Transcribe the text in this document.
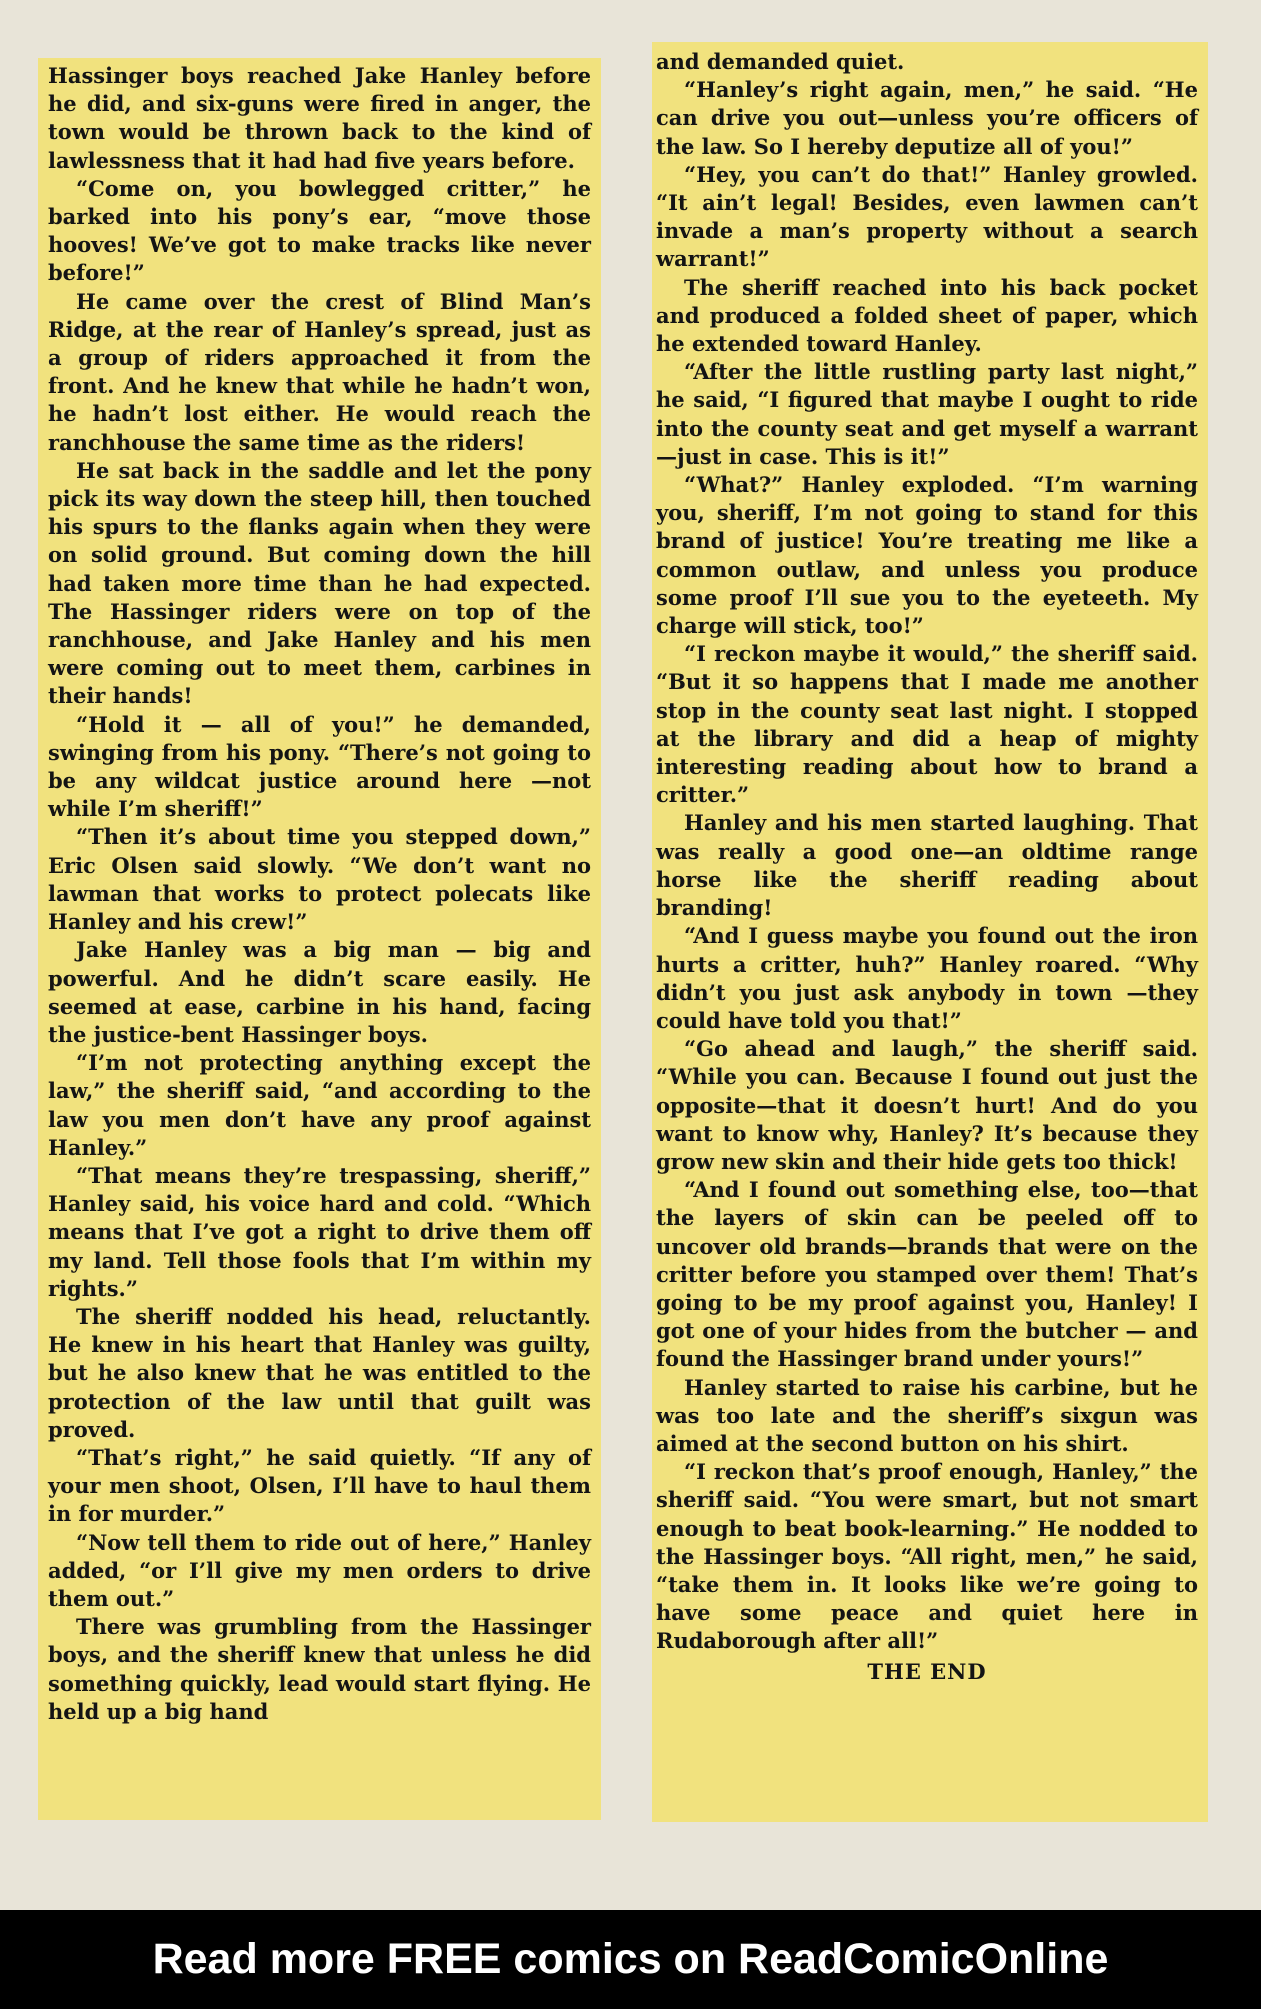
Hassinger boys reached Jake Hanley before he did, and six-guns were fired in anger, the town would be thrown back to the kind of lawlessness that it had had five years before.

“Come on, you bowlegged critter,” he barked into his pony’s ear, “move those hooves! We’ve got to make tracks like never before!”

He came over the crest of Blind Man’s Ridge, at the rear of Hanley’s spread, just as a group of riders approached it from the front. And he knew that while he hadn’t won, he hadn’t lost either. He would reach the ranchhouse the same time as the riders!

He sat back in the saddle and let the pony pick its way down the steep hill, then touched his spurs to the flanks again when they were on solid ground. But coming down the hill had taken more time than he had expected. The Hassinger riders were on top of the ranchhouse, and Jake Hanley and his men were coming out to meet them, carbines in their hands!

“Hold it — all of you!” he demanded, swinging from his pony. “There’s not going to be any wildcat justice around here —not while I’m sheriff!”

“Then it’s about time you stepped down,” Eric Olsen said slowly. “We don’t want no lawman that works to protect polecats like Hanley and his crew!”

Jake Hanley was a big man — big and powerful. And he didn’t scare easily. He seemed at ease, carbine in his hand, facing the justice-bent Hassinger boys.

“I’m not protecting anything except the law,” the sheriff said, “and according to the law you men don’t have any proof against Hanley.”

“That means they’re trespassing, sheriff,” Hanley said, his voice hard and cold. “Which means that I’ve got a right to drive them off my land. Tell those fools that I’m within my rights.”

The sheriff nodded his head, reluctantly. He knew in his heart that Hanley was guilty, but he also knew that he was entitled to the protection of the law until that guilt was proved.

“That’s right,” he said quietly. “If any of your men shoot, Olsen, I’ll have to haul them in for murder.”

“Now tell them to ride out of here,” Hanley added, “or I’ll give my men orders to drive them out.”

There was grumbling from the Hassinger boys, and the sheriff knew that unless he did something quickly, lead would start flying. He held up a big hand

and demanded quiet.

“Hanley’s right again, men,” he said. “He can drive you out—unless you’re officers of the law. So I hereby deputize all of you!”

“Hey, you can’t do that!” Hanley growled. “It ain’t legal! Besides, even lawmen can’t invade a man’s property without a search warrant!”

The sheriff reached into his back pocket and produced a folded sheet of paper, which he extended toward Hanley.

“After the little rustling party last night,” he said, “I figured that maybe I ought to ride into the county seat and get myself a warrant—just in case. This is it!”

“What?” Hanley exploded. “I’m warning you, sheriff, I’m not going to stand for this brand of justice! You’re treating me like a common outlaw, and unless you produce some proof I’ll sue you to the eyeteeth. My charge will stick, too!”

“I reckon maybe it would,” the sheriff said. “But it so happens that I made me another stop in the county seat last night. I stopped at the library and did a heap of mighty interesting reading about how to brand a critter.”

Hanley and his men started laughing. That was really a good one—an oldtime range horse like the sheriff reading about branding!

“And I guess maybe you found out the iron hurts a critter, huh?” Hanley roared. “Why didn’t you just ask anybody in town —they could have told you that!”

“Go ahead and laugh,” the sheriff said. “While you can. Because I found out just the opposite—that it doesn’t hurt! And do you want to know why, Hanley? It’s because they grow new skin and their hide gets too thick!

“And I found out something else, too—that the layers of skin can be peeled off to uncover old brands—brands that were on the critter before you stamped over them! That’s going to be my proof against you, Hanley! I got one of your hides from the butcher — and found the Hassinger brand under yours!”

Hanley started to raise his carbine, but he was too late and the sheriff’s sixgun was aimed at the second button on his shirt.

“I reckon that’s proof enough, Hanley,” the sheriff said. “You were smart, but not smart enough to beat book-learning.” He nodded to the Hassinger boys. “All right, men,” he said, “take them in. It looks like we’re going to have some peace and quiet here in Rudaborough after all!”

THE END
Read more FREE comics on ReadComicOnline
